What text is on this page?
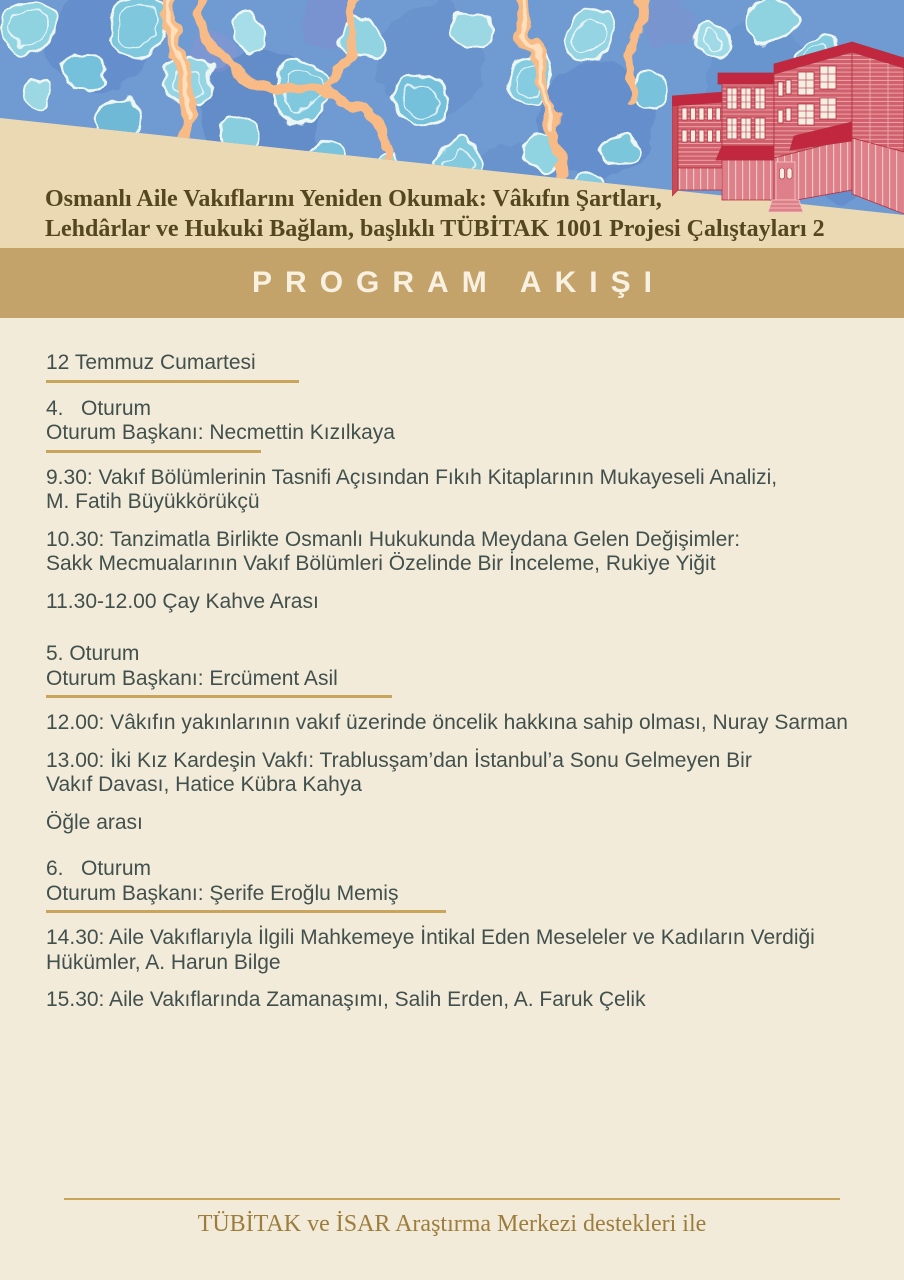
Osmanlı Aile Vakıflarını Yeniden Okumak: Vâkıfın Şartları,
Lehdârlar ve Hukuki Bağlam, başlıklı TÜBİTAK 1001 Projesi Çalıştayları 2
PROGRAM AKIŞI
12 Temmuz Cumartesi
4.   Oturum
Oturum Başkanı: Necmettin Kızılkaya
9.30: Vakıf Bölümlerinin Tasnifi Açısından Fıkıh Kitaplarının Mukayeseli Analizi,
M. Fatih Büyükkörükçü
10.30: Tanzimatla Birlikte Osmanlı Hukukunda Meydana Gelen Değişimler:
Sakk Mecmualarının Vakıf Bölümleri Özelinde Bir İnceleme, Rukiye Yiğit
11.30-12.00 Çay Kahve Arası
5. Oturum
Oturum Başkanı: Ercüment Asil
12.00: Vâkıfın yakınlarının vakıf üzerinde öncelik hakkına sahip olması, Nuray Sarman
13.00: İki Kız Kardeşin Vakfı: Trablusşam’dan İstanbul’a Sonu Gelmeyen Bir
Vakıf Davası, Hatice Kübra Kahya
Öğle arası
6.   Oturum
Oturum Başkanı: Şerife Eroğlu Memiş
14.30: Aile Vakıflarıyla İlgili Mahkemeye İntikal Eden Meseleler ve Kadıların Verdiği
Hükümler, A. Harun Bilge
15.30: Aile Vakıflarında Zamanaşımı, Salih Erden, A. Faruk Çelik
TÜBİTAK ve İSAR Araştırma Merkezi destekleri ile
